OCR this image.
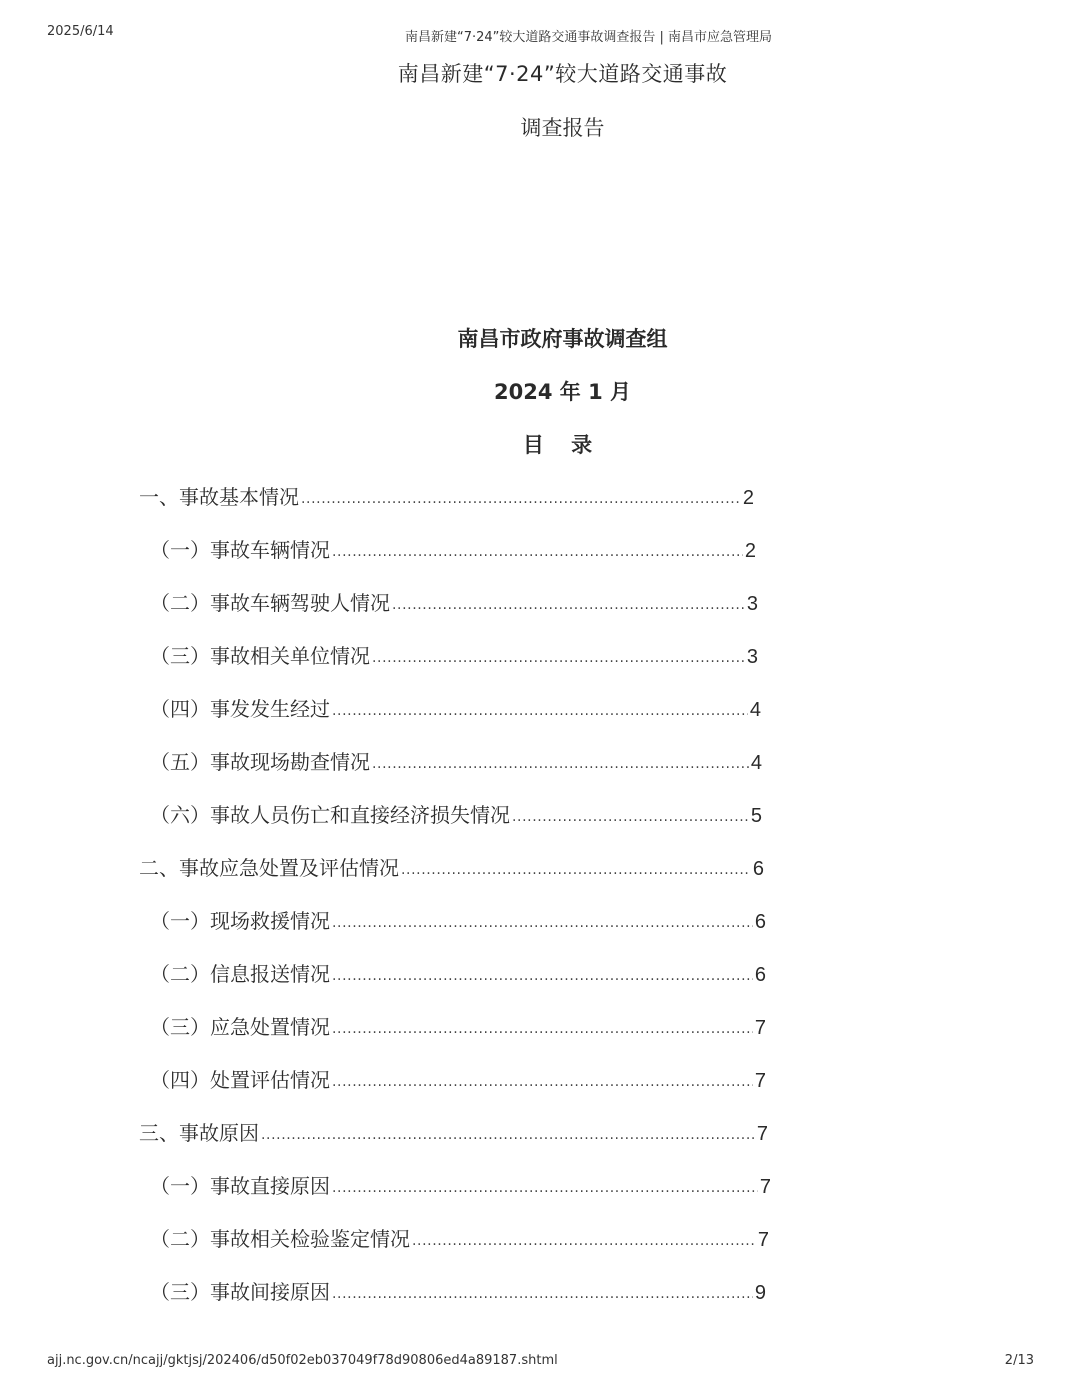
2025/6/14	南昌新建“7·24”较大道路交通事故调查报告 | 南昌市应急管理局
南昌新建“7·24”较大道路交通事故
调查报告
南昌市政府事故调查组
2024 年 1 月
目 录
一、事故基本情况 .....	2
（一）事故车辆情况 .....	2
（二）事故车辆驾驶人情况 .....	3
（三）事故相关单位情况 .....	3
（四）事发发生经过 .....	4
（五）事故现场勘查情况 .....	4
（六）事故人员伤亡和直接经济损失情况 .....	5
二、事故应急处置及评估情况 .....	6
（一）现场救援情况 .....	6
（二）信息报送情况 .....	6
（三）应急处置情况 .....	7
（四）处置评估情况 .....	7
三、事故原因 .....	7
（一）事故直接原因 .....	7
（二）事故相关检验鉴定情况 .....	7
（三）事故间接原因 .....	9
ajj.nc.gov.cn/ncajj/gktjsj/202406/d50f02eb037049f78d90806ed4a89187.shtml	2/13
